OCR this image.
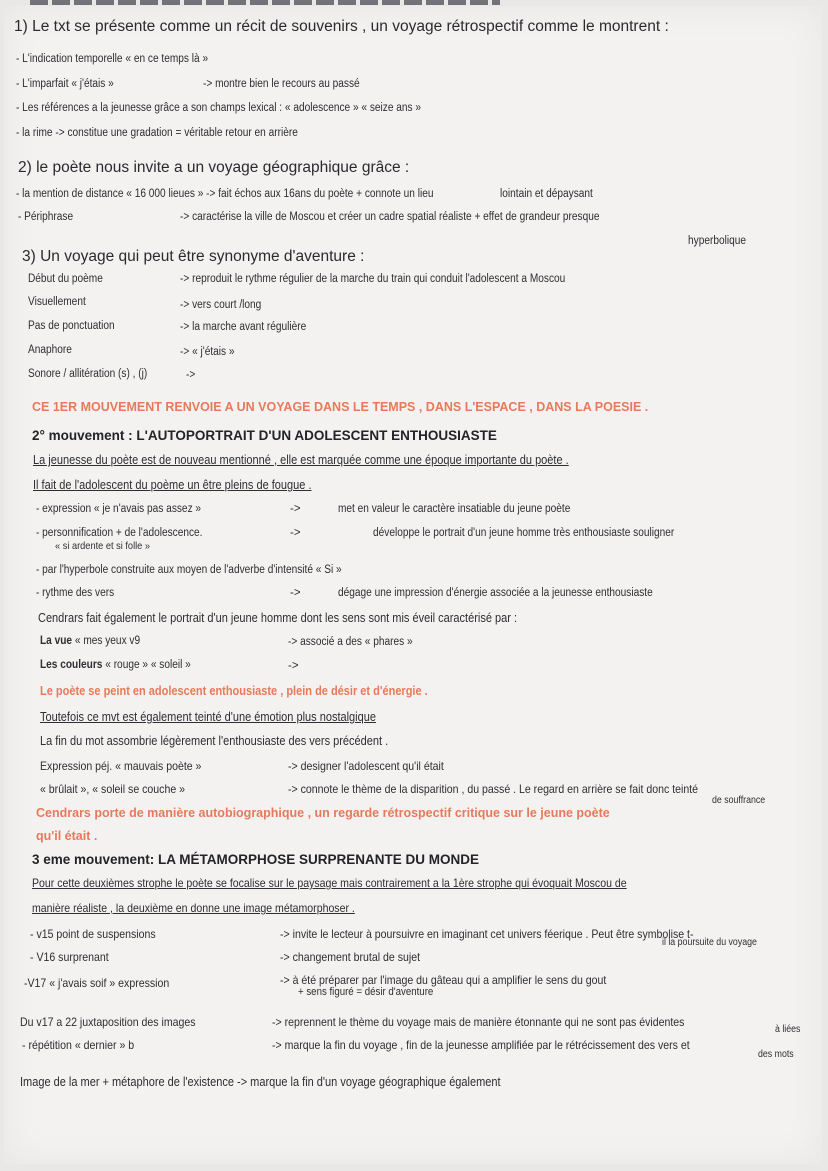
1) Le txt se présente comme un récit de souvenirs , un voyage rétrospectif comme le montrent :
- L'indication temporelle « en ce temps là »
- L'imparfait « j'étais »	-> montre bien le recours au passé
- Les références a la jeunesse grâce a son champs lexical : « adolescence » « seize ans »
- la rime -> constitue une gradation = véritable retour en arrière
2) le poète nous invite a un voyage géographique grâce :
- la mention de distance « 16 000 lieues » -> fait échos aux 16ans du poète + connote un lieu	lointain et dépaysant
- Périphrase	-> caractérise la ville de Moscou et créer un cadre spatial réaliste + effet de grandeur presque
hyperbolique
3) Un voyage qui peut être synonyme d'aventure :
Début du poème	-> reproduit le rythme régulier de la marche du train qui conduit l'adolescent a Moscou
Visuellement	-> vers court /long
Pas de ponctuation	-> la marche avant régulière
Anaphore	-> « j'étais »
Sonore / allitération (s) , (j)	->
CE 1ER MOUVEMENT RENVOIE A UN VOYAGE DANS LE TEMPS , DANS L'ESPACE , DANS LA POESIE .
2° mouvement : L'AUTOPORTRAIT D'UN ADOLESCENT ENTHOUSIASTE
La jeunesse du poète est de nouveau mentionné , elle est marquée comme une époque importante du poète .
Il fait de l'adolescent du poème un être pleins de fougue .
- expression « je n'avais pas assez »	->	met en valeur le caractère insatiable du jeune poète
- personnification + de l'adolescence.	->	développe le portrait d'un jeune homme très enthousiaste souligner
« si ardente et si folle »
- par l'hyperbole construite aux moyen de l'adverbe d'intensité « Si »
- rythme des vers	->	dégage une impression d'énergie associée a la jeunesse enthousiaste
Cendrars fait également le portrait d'un jeune homme dont les sens sont mis éveil caractérisé par :
La vue « mes yeux v9	-> associé a des « phares »
Les couleurs « rouge » « soleil »	->
Le poète se peint en adolescent enthousiaste , plein de désir et d'énergie .
Toutefois ce mvt est également teinté d'une émotion plus nostalgique
La fin du mot assombrie légèrement l'enthousiaste des vers précédent .
Expression péj. « mauvais poète »	-> designer l'adolescent qu'il était
« brûlait », « soleil se couche »	-> connote le thème de la disparition , du passé . Le regard en arrière se fait donc teinté
de souffrance
Cendrars porte de manière autobiographique , un regarde rétrospectif critique sur le jeune poète
qu'il était .
3 eme mouvement: LA MÉTAMORPHOSE SURPRENANTE DU MONDE
Pour cette deuxièmes strophe le poète se focalise sur le paysage mais contrairement a la 1ère strophe qui évoquait Moscou de
manière réaliste , la deuxième en donne une image métamorphoser .
- v15 point de suspensions	-> invite le lecteur à poursuivre en imaginant cet univers féerique . Peut être symbolise t-
il la poursuite du voyage
- V16 surprenant	-> changement brutal de sujet
-V17 « j'avais soif » expression	-> à été préparer par l'image du gâteau qui a amplifier le sens du gout
+ sens figuré = désir d'aventure
Du v17 a 22 juxtaposition des images	-> reprennent le thème du voyage mais de manière étonnante qui ne sont pas évidentes
à liées
- répétition « dernier » b	-> marque la fin du voyage , fin de la jeunesse amplifiée par le rétrécissement des vers et
des mots
Image de la mer + métaphore de l'existence -> marque la fin d'un voyage géographique également
